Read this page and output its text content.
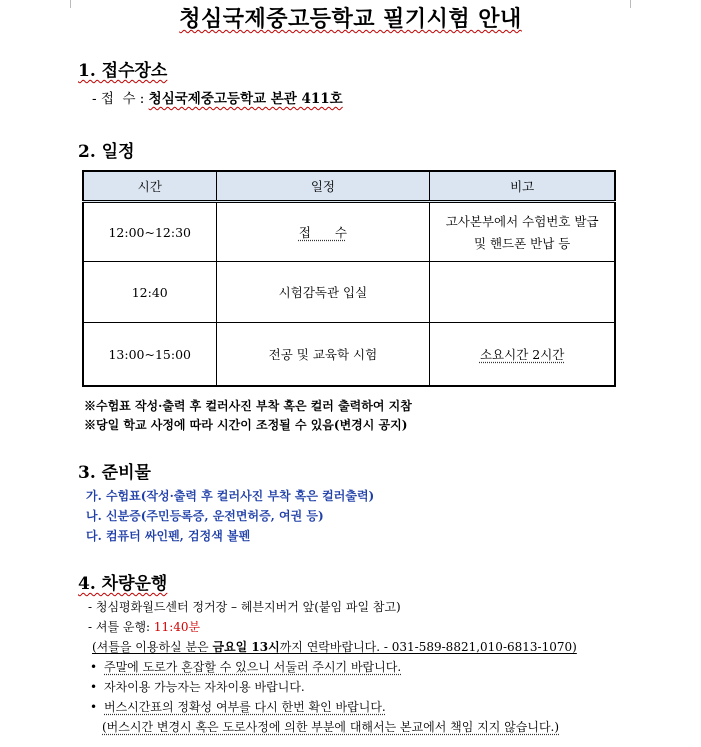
청심국제중고등학교 필기시험 안내
1. 접수장소
- 접  수 : 청심국제중고등학교 본관 411호
2. 일정
시간	일정	비고
12:00~12:30	접      수	고사본부에서 수험번호 발급
및 핸드폰 반납 등

12:40	시험감독관 입실	
13:00~15:00	전공 및 교육학 시험	소요시간 2시간
※수험표 작성·출력 후 컬러사진 부착 혹은 컬러 출력하여 지참
※당일 학교 사정에 따라 시간이 조정될 수 있음(변경시 공지)
3. 준비물
가. 수험표(작성·출력 후 컬러사진 부착 혹은 컬러출력)
나. 신분증(주민등록증, 운전면허증, 여권 등)
다. 컴퓨터 싸인펜, 검정색 볼펜
4. 차량운행
- 청심평화월드센터 정거장 – 헤븐지버거 앞(붙임 파일 참고)
- 셔틀 운행: 11:40분
(셔틀을 이용하실 분은 금요일 13시까지 연락바랍니다. - 031-589-8821,010-6813-1070)
• 주말에 도로가 혼잡할 수 있으니 서둘러 주시기 바랍니다.
• 자차이용 가능자는 자차이용 바랍니다.
• 버스시간표의 정확성 여부를 다시 한번 확인 바랍니다.
(버스시간 변경시 혹은 도로사정에 의한 부분에 대해서는 본교에서 책임 지지 않습니다.)
